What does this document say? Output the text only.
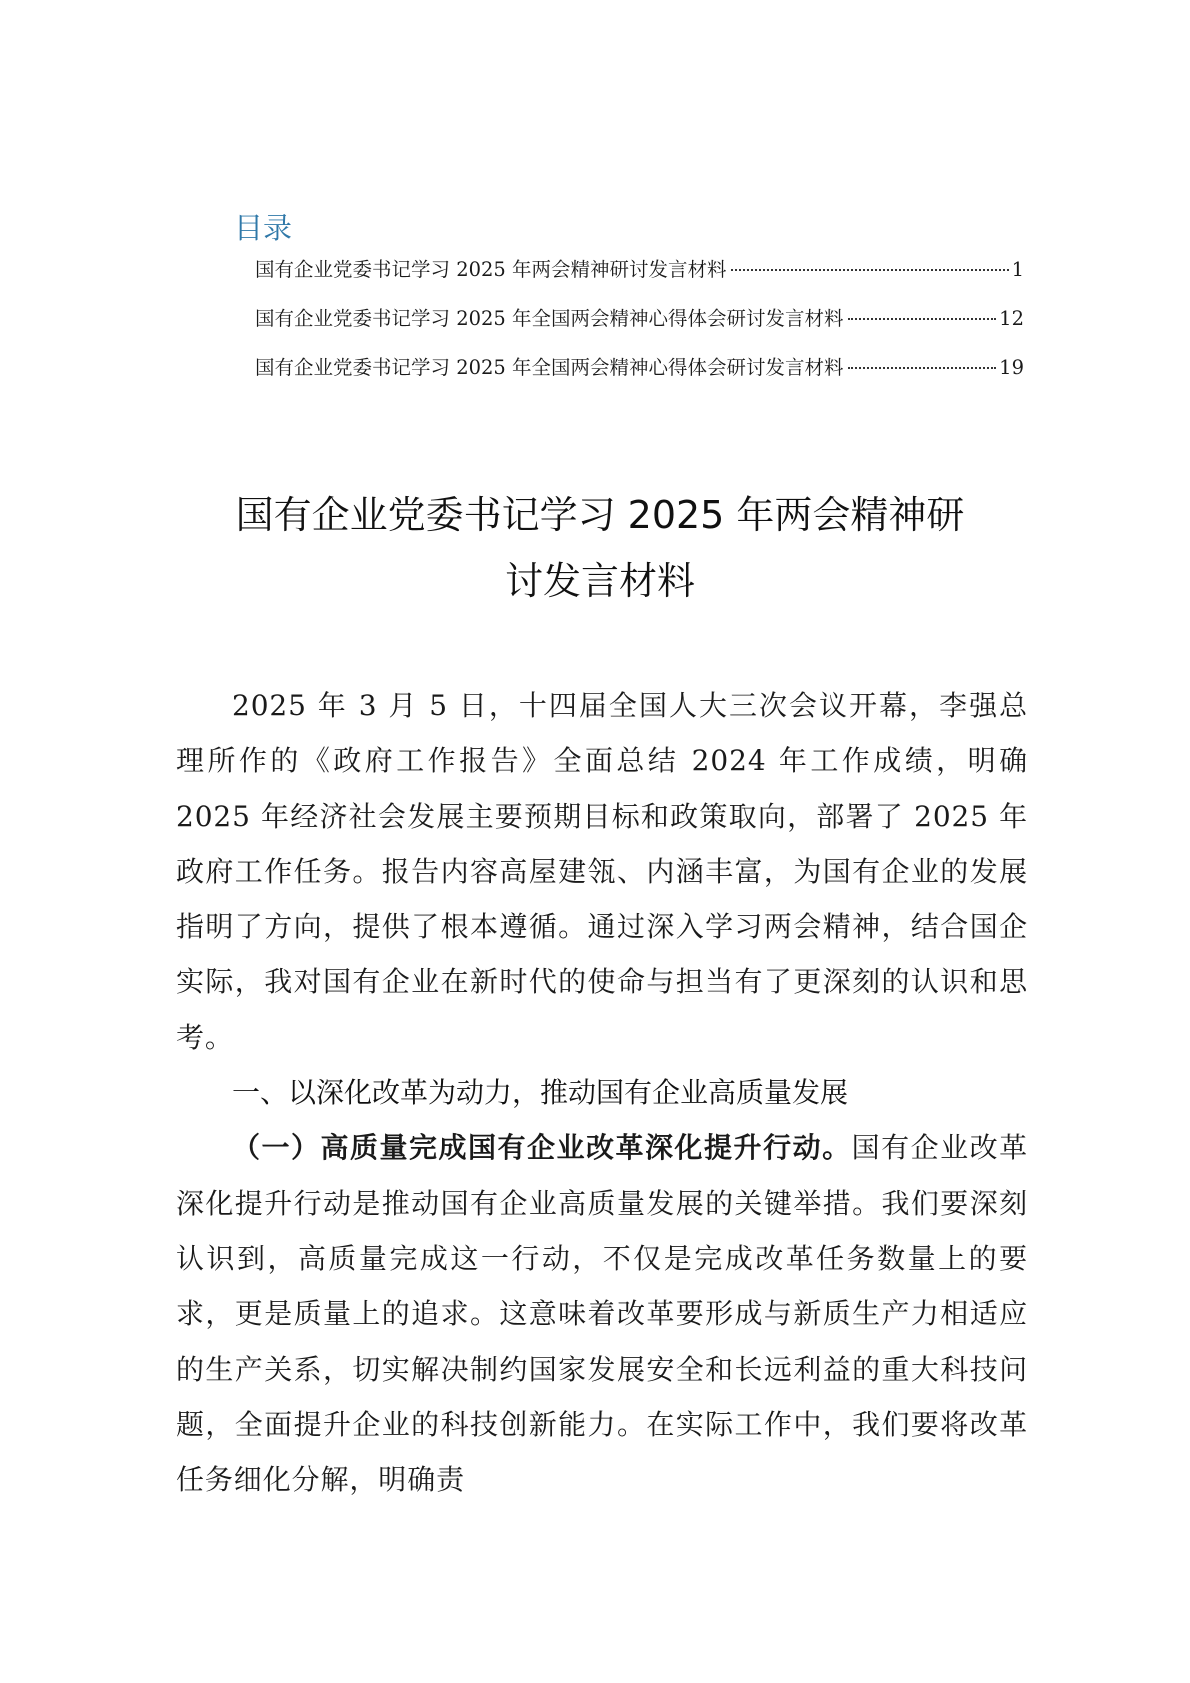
目录
国有企业党委书记学习 2025 年两会精神研讨发言材料	1
国有企业党委书记学习 2025 年全国两会精神心得体会研讨发言材料	12
国有企业党委书记学习 2025 年全国两会精神心得体会研讨发言材料	19
国有企业党委书记学习 2025 年两会精神研
讨发言材料

2025 年 3 月 5 日，十四届全国人大三次会议开幕，李强总理所作的《政府工作报告》全面总结 2024 年工作成绩，明确 2025 年经济社会发展主要预期目标和政策取向，部署了 2025 年政府工作任务。报告内容高屋建瓴、内涵丰富，为国有企业的发展指明了方向，提供了根本遵循。通过深入学习两会精神，结合国企实际，我对国有企业在新时代的使命与担当有了更深刻的认识和思考。

一、以深化改革为动力，推动国有企业高质量发展

（一）高质量完成国有企业改革深化提升行动。国有企业改革深化提升行动是推动国有企业高质量发展的关键举措。我们要深刻认识到，高质量完成这一行动，不仅是完成改革任务数量上的要求，更是质量上的追求。这意味着改革要形成与新质生产力相适应的生产关系，切实解决制约国家发展安全和长远利益的重大科技问题，全面提升企业的科技创新能力。在实际工作中，我们要将改革任务细化分解，明确责
